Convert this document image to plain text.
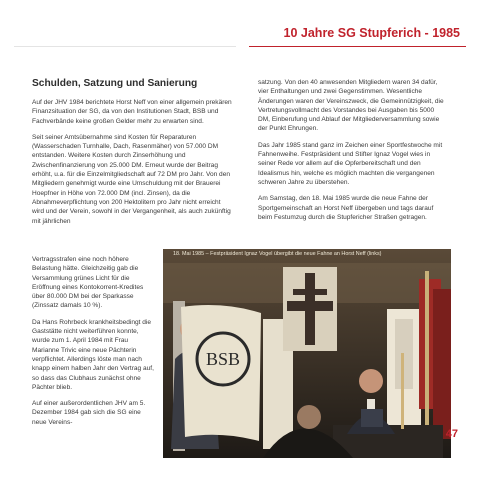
10 Jahre SG Stupferich - 1985
Schulden, Satzung und Sanierung

Auf der JHV 1984 berichtete Horst Neff von einer allgemein prekären Finanzsituation der SG, da von den Institutionen Stadt, BSB und Fachverbände keine großen Gelder mehr zu erwarten sind.

Seit seiner Amtsübernahme sind Kosten für Reparaturen (Wasserschaden Turnhalle, Dach, Rasenmäher) von 57.000 DM entstanden. Weitere Kosten durch Zinserhöhung und Zwischenfinanzierung von 25.000 DM. Erneut wurde der Beitrag erhöht, u.a. für die Einzelmitgliedschaft auf 72 DM pro Jahr. Von den Mitgliedern genehmigt wurde eine Umschuldung mit der Brauerei Hoepfner in Höhe von 72.000 DM (incl. Zinsen), da die Abnahmeverpflichtung von 200 Hektolitern pro Jahr nicht erreicht wird und der Verein, sowohl in der Vergangenheit, als auch zukünftig mit jährlichen

Vertragsstrafen eine noch höhere Belastung hätte. Gleichzeitig gab die Versammlung grünes Licht für die Eröffnung eines Kontokorrent-Kredites über 80.000 DM bei der Sparkasse (Zinssatz damals 10 %).

Da Hans Rohrbeck krankheitsbedingt die Gaststätte nicht weiterführen konnte, wurde zum 1. April 1984 mit Frau Marianne Trivic eine neue Pächterin verpflichtet. Allerdings löste man nach knapp einem halben Jahr den Vertrag auf, so dass das Clubhaus zunächst ohne Pächter blieb.

Auf einer außerordentlichen JHV am 5. Dezember 1984 gab sich die SG eine neue Vereins-

satzung. Von den 40 anwesenden Mitgliedern waren 34 dafür, vier Enthaltungen und zwei Gegenstimmen. Wesentliche Änderungen waren der Vereinszweck, die Gemeinnützigkeit, die Vertretungsvollmacht des Vorstandes bei Ausgaben bis 5000 DM, Einberufung und Ablauf der Mitgliederversammlung sowie der Punkt Ehrungen.

Das Jahr 1985 stand ganz im Zeichen einer Sportfestwoche mit Fahnenweihe. Festpräsident und Stifter Ignaz Vogel wies in seiner Rede vor allem auf die Opferbereitschaft und den Idealismus hin, welche es möglich machten die vergangenen schweren Jahre zu überstehen.

Am Samstag, den 18. Mai 1985 wurde die neue Fahne der Sportgemeinschaft an Horst Neff übergeben und tags darauf beim Festumzug durch die Stupfericher Straßen getragen.

BSB
18. Mai 1985 – Festpräsident Ignaz Vogel übergibt die neue Fahne an Horst Neff (links)
47
